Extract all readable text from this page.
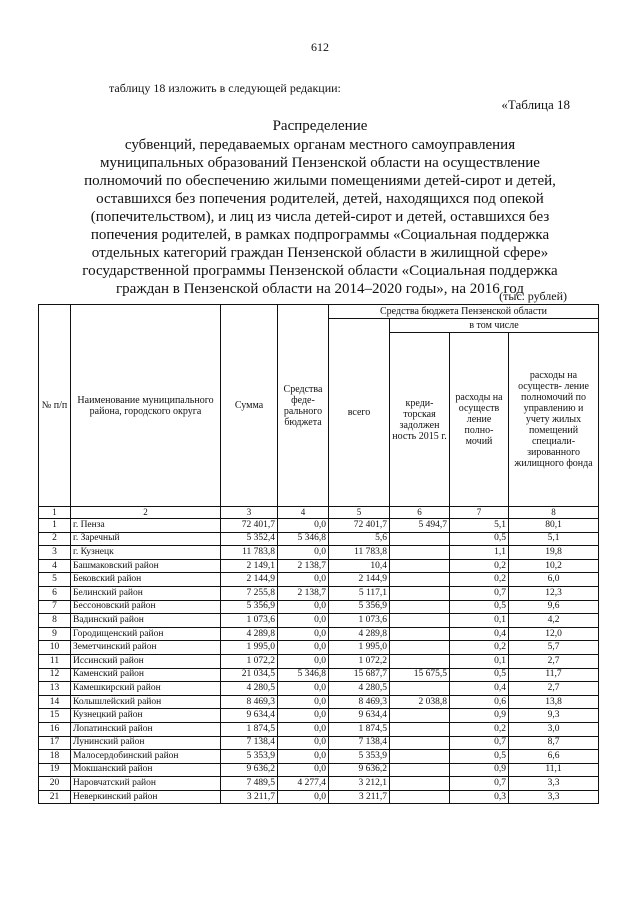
612
таблицу 18 изложить в следующей редакции:
«Таблица 18
Распределение
субвенций, передаваемых органам местного самоуправления
муниципальных образований Пензенской области на осуществление
полномочий по обеспечению жилыми помещениями детей-сирот и детей,
оставшихся без попечения родителей, детей, находящихся под опекой
(попечительством), и лиц из числа детей-сирот и детей, оставшихся без
попечения родителей, в рамках подпрограммы «Социальная поддержка
отдельных категорий граждан Пензенской области в жилищной сфере»
государственной программы Пензенской области «Социальная поддержка
граждан в Пензенской области на 2014–2020 годы», на 2016 год
(тыс. рублей)
№ п/п	Наименование муниципального района, городского округа	Сумма	Средства феде- рального бюджета	Средства бюджета Пензенской области			
				всего	в том числе		
					креди- торская задолжен ность 2015 г.	расходы на осуществ ление полно- мочий	расходы на осуществ- ление полномочий по управлению и учету жилых помещений специали- зированного жилищного фонда
1	2	3	4	5	6	7	8
1	г. Пенза	72 401,7	0,0	72 401,7	5 494,7	5,1	80,1
2	г. Заречный	5 352,4	5 346,8	5,6		0,5	5,1
3	г. Кузнецк	11 783,8	0,0	11 783,8		1,1	19,8
4	Башмаковский район	2 149,1	2 138,7	10,4		0,2	10,2
5	Бековский район	2 144,9	0,0	2 144,9		0,2	6,0
6	Белинский район	7 255,8	2 138,7	5 117,1		0,7	12,3
7	Бессоновский район	5 356,9	0,0	5 356,9		0,5	9,6
8	Вадинский район	1 073,6	0,0	1 073,6		0,1	4,2
9	Городищенский район	4 289,8	0,0	4 289,8		0,4	12,0
10	Земетчинский район	1 995,0	0,0	1 995,0		0,2	5,7
11	Иссинский район	1 072,2	0,0	1 072,2		0,1	2,7
12	Каменский район	21 034,5	5 346,8	15 687,7	15 675,5	0,5	11,7
13	Камешкирский район	4 280,5	0,0	4 280,5		0,4	2,7
14	Колышлейский район	8 469,3	0,0	8 469,3	2 038,8	0,6	13,8
15	Кузнецкий район	9 634,4	0,0	9 634,4		0,9	9,3
16	Лопатинский район	1 874,5	0,0	1 874,5		0,2	3,0
17	Лунинский район	7 138,4	0,0	7 138,4		0,7	8,7
18	Малосердобинский район	5 353,9	0,0	5 353,9		0,5	6,6
19	Мокшанский район	9 636,2	0,0	9 636,2		0,9	11,1
20	Наровчатский район	7 489,5	4 277,4	3 212,1		0,7	3,3
21	Неверкинский район	3 211,7	0,0	3 211,7		0,3	3,3
